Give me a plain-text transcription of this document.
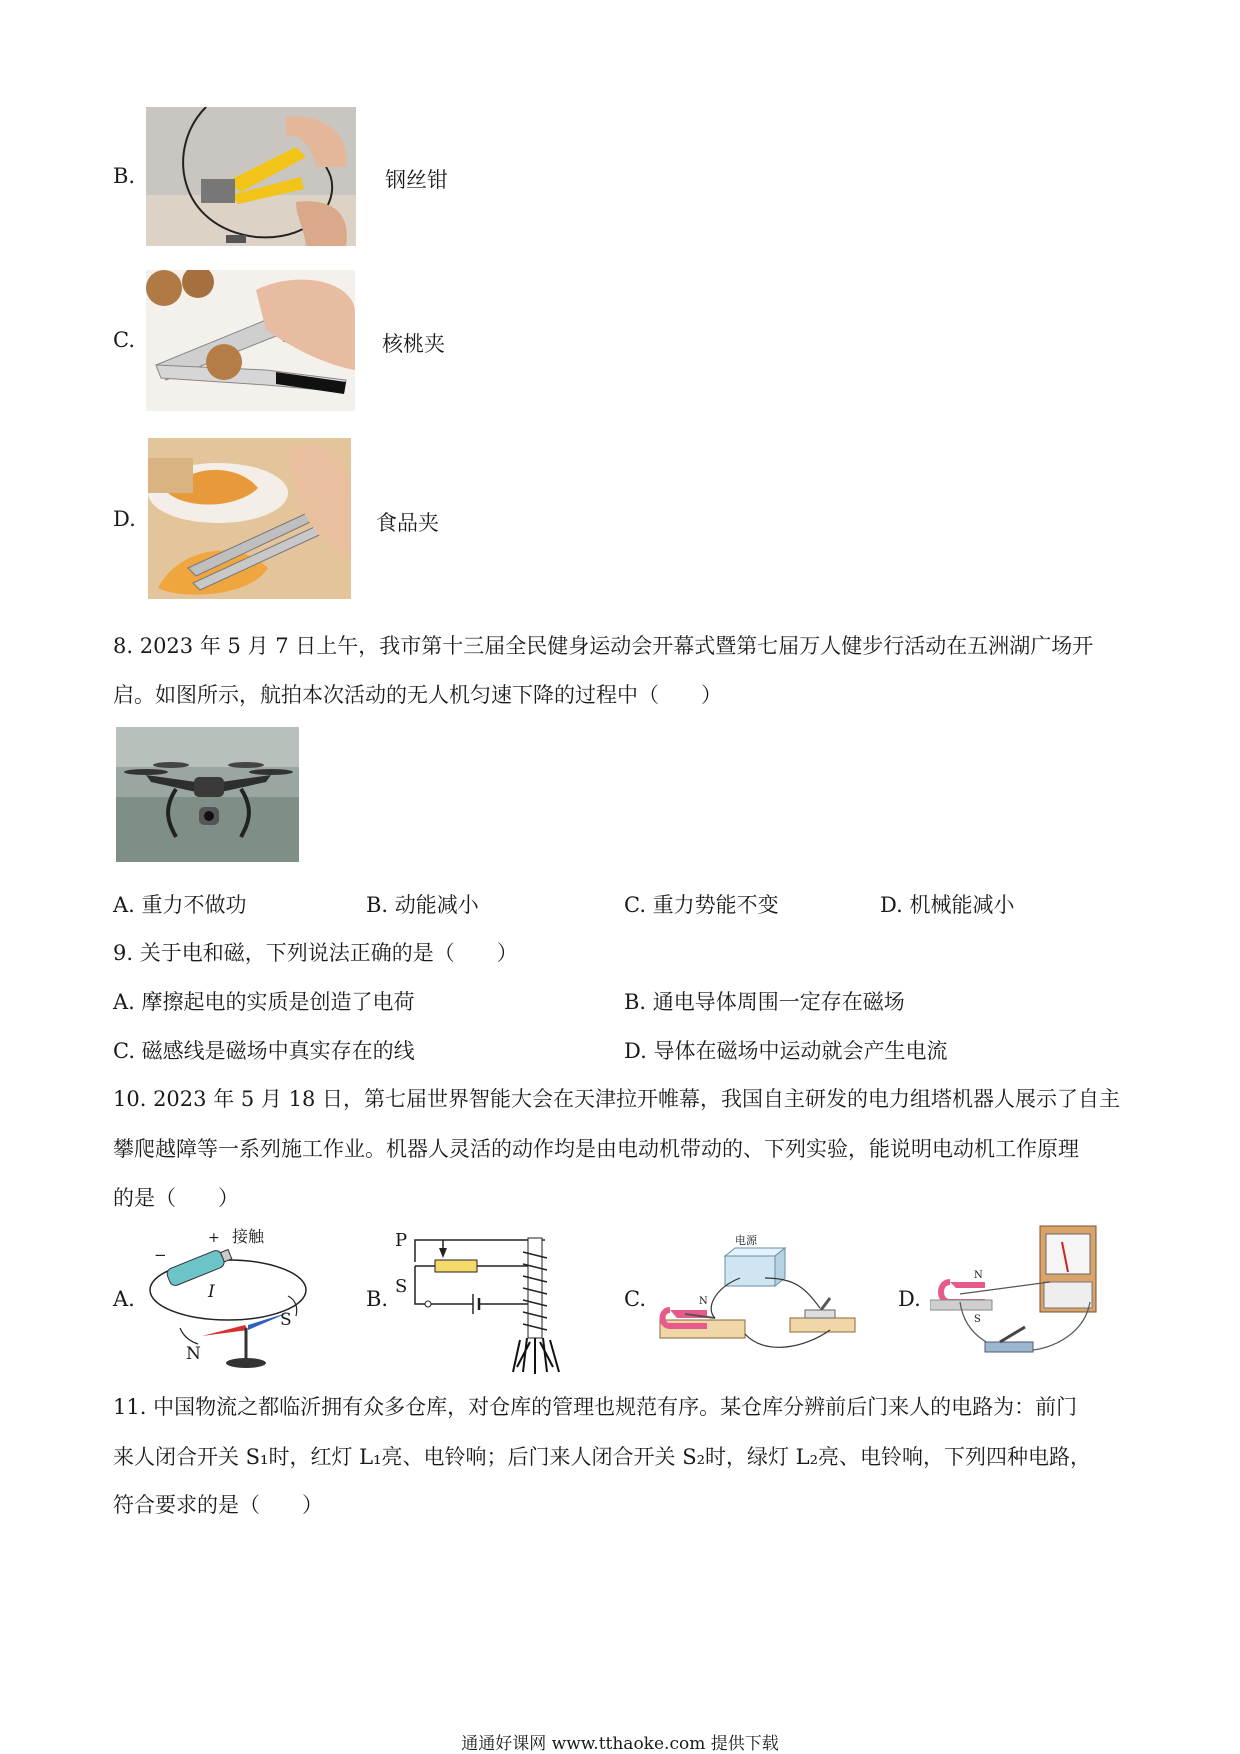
B.	钢丝钳
C.	核桃夹
D.	食品夹
8. 2023 年 5 月 7 日上午，我市第十三届全民健身运动会开幕式暨第七届万人健步行活动在五洲湖广场开
启。如图所示，航拍本次活动的无人机匀速下降的过程中（　　）
A. 重力不做功	B. 动能减小	C. 重力势能不变	D. 机械能减小
9. 关于电和磁，下列说法正确的是（　　）
A. 摩擦起电的实质是创造了电荷	B. 通电导体周围一定存在磁场
C. 磁感线是磁场中真实存在的线	D. 导体在磁场中运动就会产生电流
10. 2023 年 5 月 18 日，第七届世界智能大会在天津拉开帷幕，我国自主研发的电力组塔机器人展示了自主
攀爬越障等一系列施工作业。机器人灵活的动作均是由电动机带动的、下列实验，能说明电动机工作原理
的是（　　）
A.
−
+ 接触
I
N
S
B.
P
S
C.
电源
N	D.
N
S
11. 中国物流之都临沂拥有众多仓库，对仓库的管理也规范有序。某仓库分辨前后门来人的电路为：前门
来人闭合开关 S₁时，红灯 L₁亮、电铃响；后门来人闭合开关 S₂时，绿灯 L₂亮、电铃响，下列四种电路，
符合要求的是（　　）
通通好课网 www.tthaoke.com 提供下载
